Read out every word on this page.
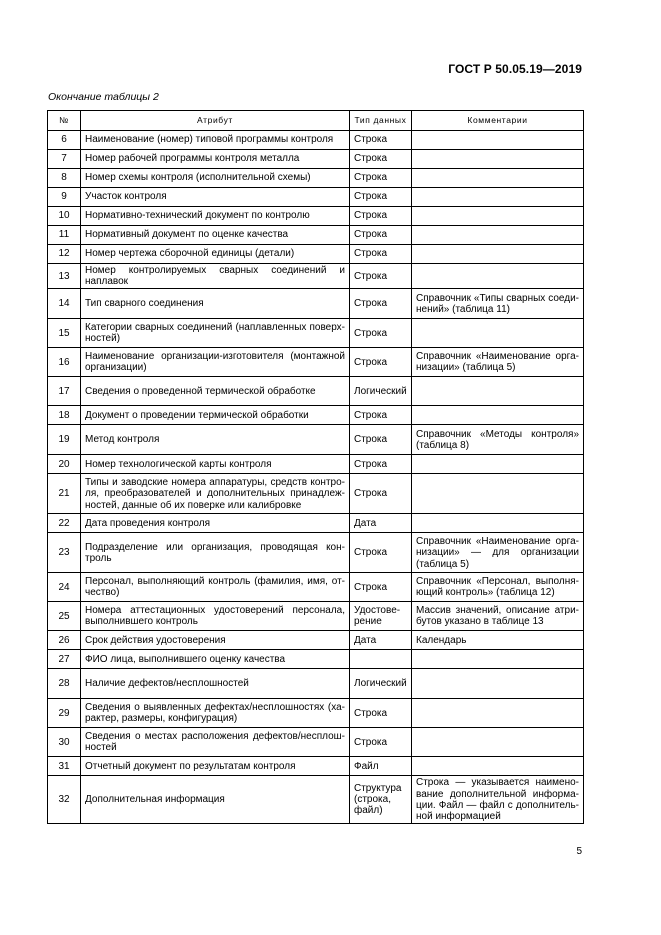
ГОСТ Р 50.05.19—2019
Окончание таблицы 2
№	Атрибут	Тип данных	Комментарии
6	Наименование (номер) типовой программы контроля	Строка	
7	Номер рабочей программы контроля металла	Строка	
8	Номер схемы контроля (исполнительной схемы)	Строка	
9	Участок контроля	Строка	
10	Нормативно-технический документ по контролю	Строка	
11	Нормативный документ по оценке качества	Строка	
12	Номер чертежа сборочной единицы (детали)	Строка	
13	Номер контролируемых сварных соединений и наплавок	Строка	
14	Тип сварного соединения	Строка	Справочник «Типы сварных соединений» (таблица 11)
15	Категории сварных соединений (наплавленных поверхностей)	Строка	
16	Наименование организации-изготовителя (монтажной организации)	Строка	Справочник «Наименование организации» (таблица 5)
17	Сведения о проведенной термической обработке	Логический	
18	Документ о проведении термической обработки	Строка	
19	Метод контроля	Строка	Справочник «Методы контроля» (таблица 8)
20	Номер технологической карты контроля	Строка	
21	Типы и заводские номера аппаратуры, средств контроля, преобразователей и дополнительных принадлежностей, данные об их поверке или калибровке	Строка	
22	Дата проведения контроля	Дата	
23	Подразделение или организация, проводящая контроль	Строка	Справочник «Наименование организации» — для организации (таблица 5)
24	Персонал, выполняющий контроль (фамилия, имя, отчество)	Строка	Справочник «Персонал, выполняющий контроль» (таблица 12)
25	Номера аттестационных удостоверений персонала, выполнившего контроль	Удостоверение	Массив значений, описание атрибутов указано в таблице 13
26	Срок действия удостоверения	Дата	Календарь
27	ФИО лица, выполнившего оценку качества		
28	Наличие дефектов/несплошностей	Логический	
29	Сведения о выявленных дефектах/несплошностях (характер, размеры, конфигурация)	Строка	
30	Сведения о местах расположения дефектов/несплошностей	Строка	
31	Отчетный документ по результатам контроля	Файл	
32	Дополнительная информация	Структура (строка, файл)	Строка — указывается наименование дополнительной информации. Файл — файл с дополнительной информацией
5
